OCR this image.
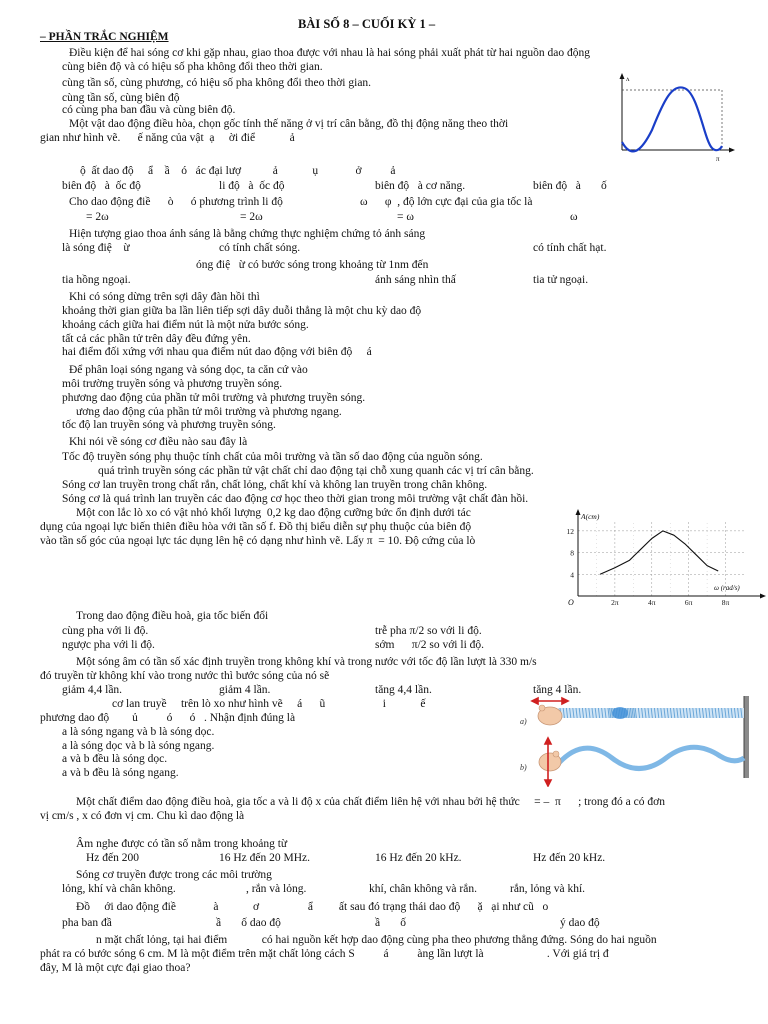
BÀI SỐ 8 – CUỐI KỲ 1 –
– PHẦN TRẮC NGHIỆM
Điều kiện để hai sóng cơ khi gặp nhau, giao thoa được với nhau là hai sóng phải xuất phát từ hai nguồn dao động
cùng biên độ và có hiệu số pha không đổi theo thời gian.
cùng tần số, cùng phương, có hiệu số pha không đổi theo thời gian.
cùng tần số, cùng biên độ
có cùng pha ban đầu và cùng biên độ.
Một vật dao động điều hòa, chọn gốc tính thế năng ở vị trí cân bằng, đồ thị động năng theo thời
gian như hình vẽ.      ế năng của vật  ạ     ời điể            ả
ʌ
π
ộ  ất dao độ     ẩ    ầ    ó   ác đại lượ           ả            ụ             ở          ả
biên độ   à  ốc độ	li độ   à  ốc độ	biên độ   à cơ năng.	biên độ   à       ố
Cho dao động điề      ò      ó phương trình li độ	ω      φ  , độ lớn cực đại của gia tốc là
= 2ω	= 2ω	= ω	ω
Hiện tượng giao thoa ánh sáng là bằng chứng thực nghiệm chứng tỏ ánh sáng
là sóng điệ    ừ	có tính chất sóng.	có tính chất hạt.
óng điệ   ừ có bước sóng trong khoảng từ 1nm đến
tia hồng ngoại.	ánh sáng nhìn thấ	tia tử ngoại.
Khi có sóng dừng trên sợi dây đàn hồi thì
khoảng thời gian giữa ba lần liên tiếp sợi dây duỗi thẳng là một chu kỳ dao độ
khoảng cách giữa hai điểm nút là một nửa bước sóng.
tất cả các phần tử trên dây đều đứng yên.
hai điểm đối xứng với nhau qua điểm nút dao động với biên độ     á
Để phân loại sóng ngang và sóng dọc, ta căn cứ vào
môi trường truyền sóng và phương truyền sóng.
phương dao động của phần tử môi trường và phương truyền sóng.
ương dao động của phần tử môi trường và phương ngang.
tốc độ lan truyền sóng và phương truyền sóng.
Khi nói về sóng cơ điều nào sau đây là
Tốc độ truyền sóng phụ thuộc tính chất của môi trường và tần số dao động của nguồn sóng.
quá trình truyền sóng các phần tử vật chất chỉ dao động tại chỗ xung quanh các vị trí cân bằng.
Sóng cơ lan truyền trong chất rắn, chất lỏng, chất khí và không lan truyền trong chân không.
Sóng cơ là quá trình lan truyền các dao động cơ học theo thời gian trong môi trường vật chất đàn hồi.
Một con lắc lò xo có vật nhỏ khối lượng  0,2 kg dao động cưỡng bức ổn định dưới tác
dụng của ngoại lực biến thiên điều hòa với tần số f. Đồ thị biểu diễn sự phụ thuộc của biên độ
vào tần số góc của ngoại lực tác dụng lên hệ có dạng như hình vẽ. Lấy π  = 10. Độ cứng của lò
A(cm)
ω (rad/s)
O
4
8
12
2π	4π	6π	8π
Trong dao động điều hoà, gia tốc biến đổi
cùng pha với li độ.	trễ pha π/2 so với li độ.
ngược pha với li độ.	sớm      π/2 so với li độ.
Một sóng âm có tần số xác định truyền trong không khí và trong nước với tốc độ lần lượt là 330 m/s
đó truyền từ không khí vào trong nước thì bước sóng của nó sẽ
giảm 4,4 lần.	giảm 4 lần.	tăng 4,4 lần.	tăng 4 lần.
cơ lan truyề     trên lò xo như hình vẽ     á      ũ                    i            ế
phương dao độ        ủ          ó      ó   . Nhận định đúng là
a là sóng ngang và b là sóng dọc.
a là sóng dọc và b là sóng ngang.
a và b đều là sóng dọc.
a và b đều là sóng ngang.
a)
b)
Một chất điểm dao động điều hoà, gia tốc a và li độ x của chất điểm liên hệ với nhau bởi hệ thức     = –  π      ; trong đó a có đơn
vị cm/s , x có đơn vị cm. Chu kì dao động là
Âm nghe được có tần số nằm trong khoảng từ
Hz đến 200	16 Hz đến 20 MHz.	16 Hz đến 20 kHz.	Hz đến 20 kHz.
Sóng cơ truyền được trong các môi trường
lỏng, khí và chân không.	, rắn và lỏng.	khí, chân không và rắn.	rắn, lỏng và khí.
Đồ     ới dao động điề             à            ơ                 ẩ         ất sau đó trạng thái dao độ      ặ   ại như cũ   o
pha ban đầ	ầ       ố dao độ	ầ       ố	ý dao độ
n mặt chất lỏng, tại hai điểm            có hai nguồn kết hợp dao động cùng pha theo phương thẳng đứng. Sóng do hai nguồn
phát ra có bước sóng 6 cm. M là một điểm trên mặt chất lỏng cách S          á          àng lần lượt là                      . Với giá trị đ
đây, M là một cực đại giao thoa?
